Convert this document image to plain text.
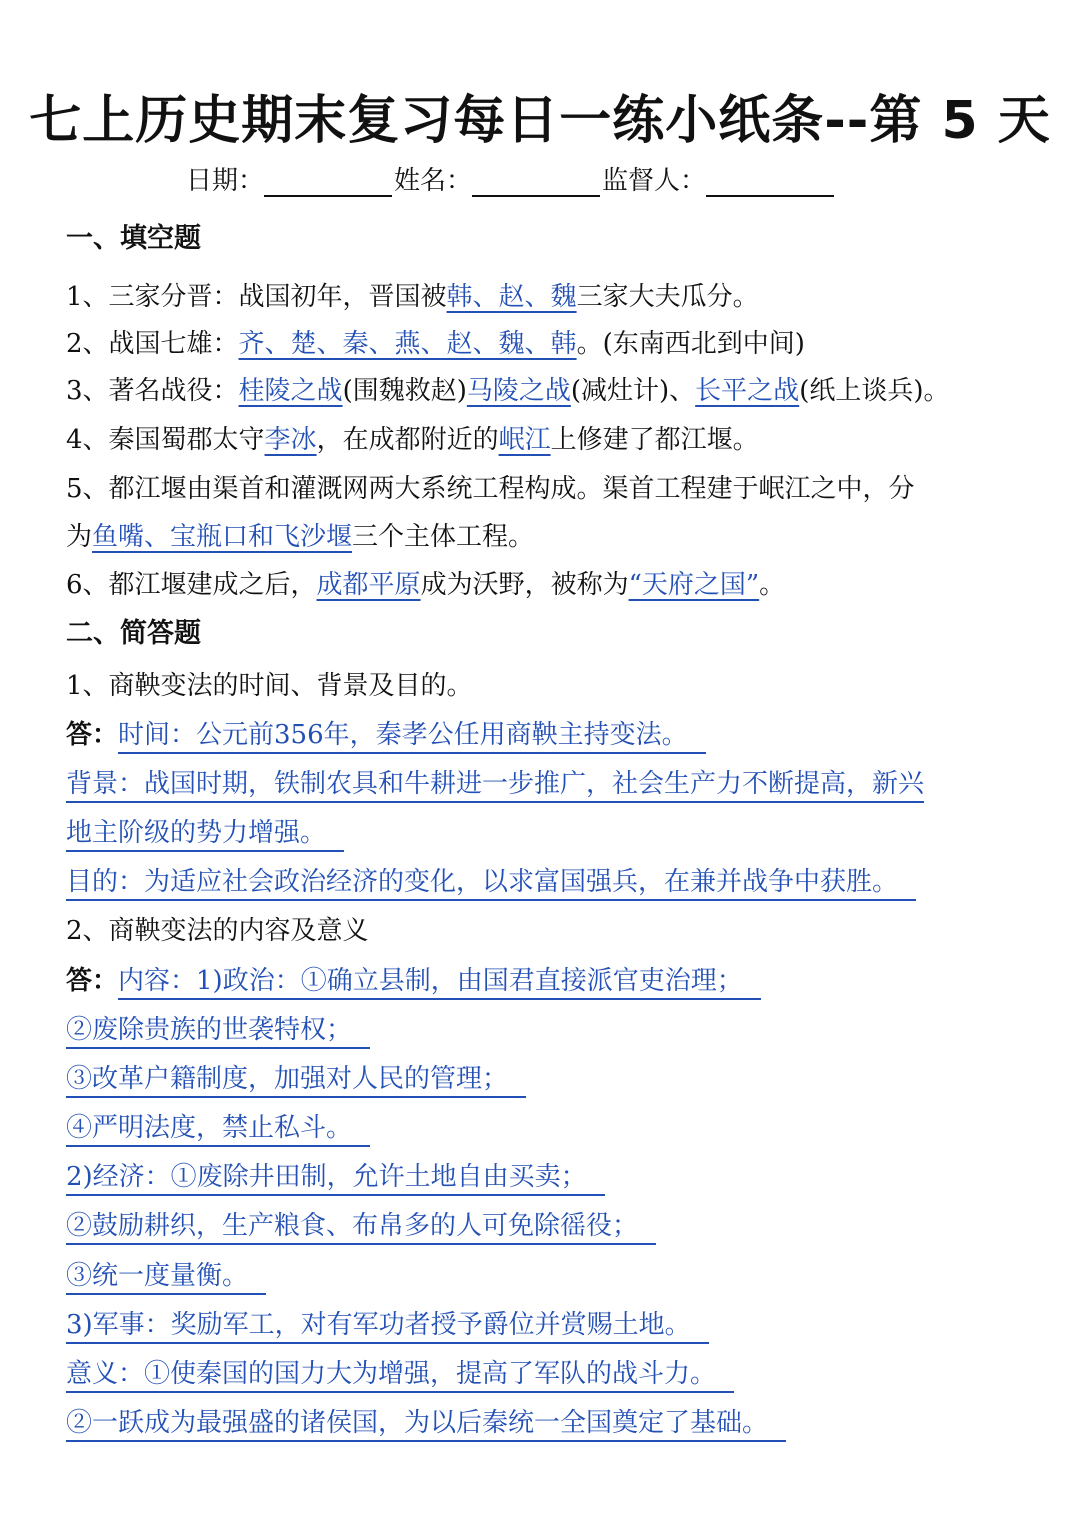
七上历史期末复习每日一练小纸条--第 5 天
日期：	姓名：	监督人：
一、填空题
1、三家分晋：战国初年，晋国被韩、赵、魏三家大夫瓜分。
2、战国七雄：齐、楚、秦、燕、赵、魏、韩。(东南西北到中间)
3、著名战役：桂陵之战(围魏救赵)马陵之战(减灶计)、长平之战(纸上谈兵)。
4、秦国蜀郡太守李冰，在成都附近的岷江上修建了都江堰。
5、都江堰由渠首和灌溉网两大系统工程构成。渠首工程建于岷江之中，分
为鱼嘴、宝瓶口和飞沙堰三个主体工程。
6、都江堰建成之后，成都平原成为沃野，被称为“天府之国”。
二、简答题
1、商鞅变法的时间、背景及目的。
答：时间：公元前356年，秦孝公任用商鞅主持变法。
背景：战国时期，铁制农具和牛耕进一步推广，社会生产力不断提高，新兴
地主阶级的势力增强。
目的：为适应社会政治经济的变化，以求富国强兵，在兼并战争中获胜。
2、商鞅变法的内容及意义
答：内容：1)政治：①确立县制，由国君直接派官吏治理；
②废除贵族的世袭特权；
③改革户籍制度，加强对人民的管理；
④严明法度，禁止私斗。
2)经济：①废除井田制，允许土地自由买卖；
②鼓励耕织，生产粮食、布帛多的人可免除徭役；
③统一度量衡。
3)军事：奖励军工，对有军功者授予爵位并赏赐土地。
意义：①使秦国的国力大为增强，提高了军队的战斗力。
②一跃成为最强盛的诸侯国，为以后秦统一全国奠定了基础。
